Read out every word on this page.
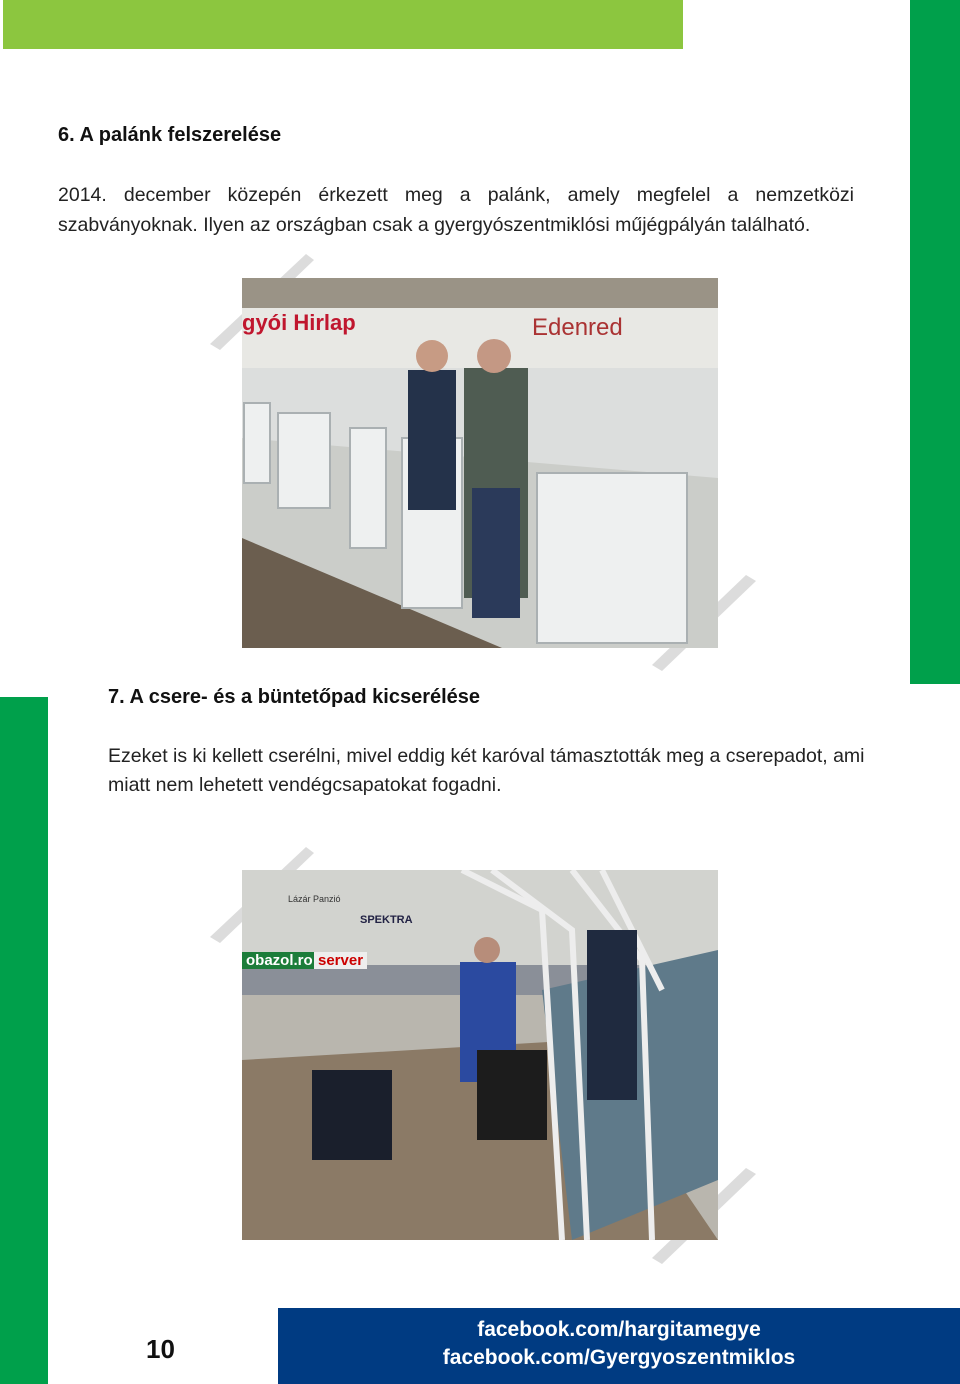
6. A palánk felszerelése
2014. december közepén érkezett meg a palánk, amely megfelel a nemzetközi szabványoknak. Ilyen az országban csak a gyergyószentmiklósi műjégpályán található.
gyói Hirlap	Edenred
7. A csere- és a büntetőpad kicserélése
Ezeket is ki kellett cserélni, mivel eddig két karóval támasztották meg a cserepadot, ami miatt nem lehetett vendégcsapatokat fogadni.
Lázár Panzió
SPEKTRA
obazol.ro server
10
facebook.com/hargitamegye
facebook.com/Gyergyoszentmiklos
